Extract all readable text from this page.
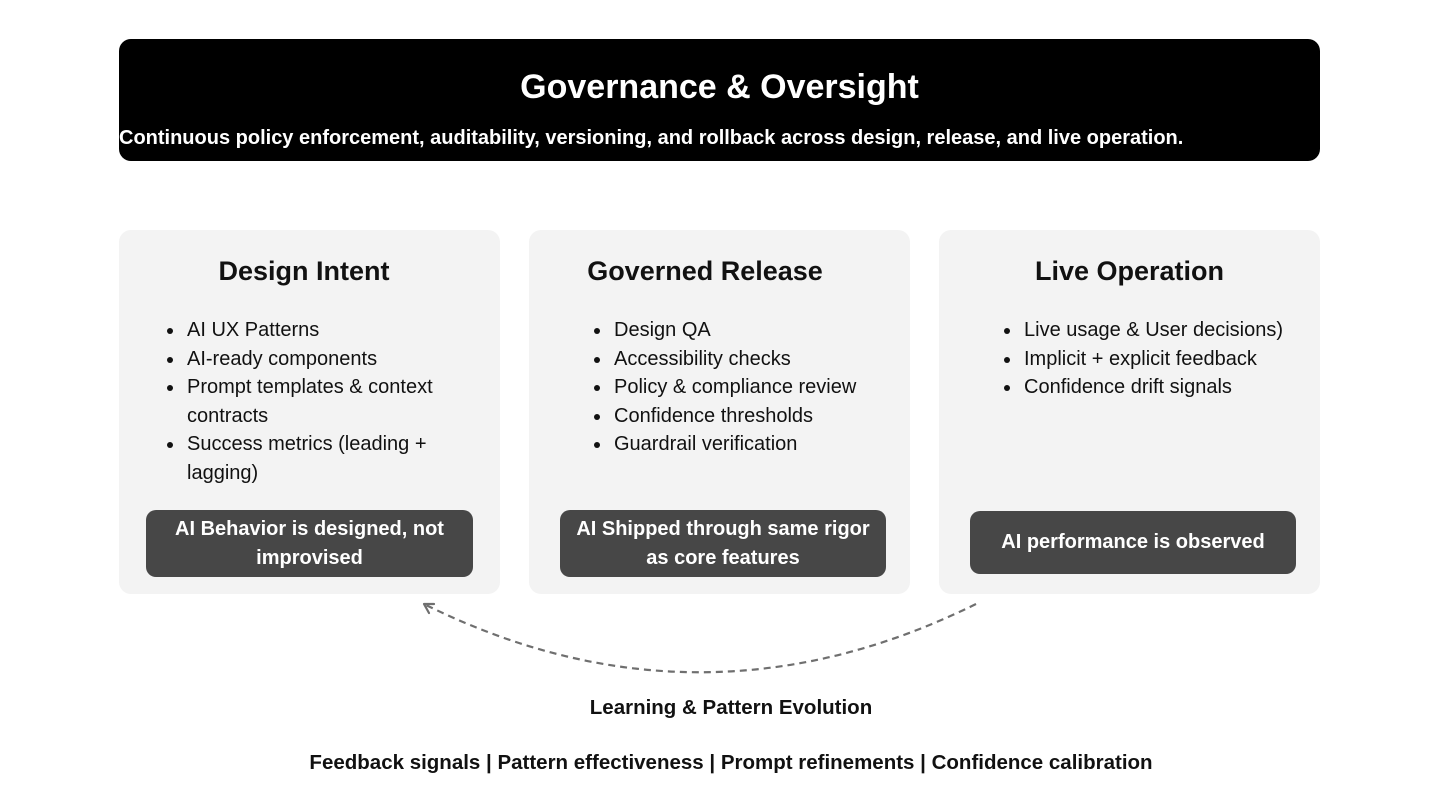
Governance & Oversight
Continuous policy enforcement, auditability, versioning, and rollback across design, release, and live operation.
Design Intent
• AI UX Patterns
• AI-ready components
• Prompt templates & context contracts
• Success metrics (leading + lagging)
AI Behavior is designed, not improvised
Governed Release
• Design QA
• Accessibility checks
• Policy & compliance review
• Confidence thresholds
• Guardrail verification
AI Shipped through same rigor as core features
Live Operation
• Live usage & User decisions)
• Implicit + explicit feedback
• Confidence drift signals
AI performance is observed
Learning & Pattern Evolution
Feedback signals | Pattern effectiveness | Prompt refinements | Confidence calibration
